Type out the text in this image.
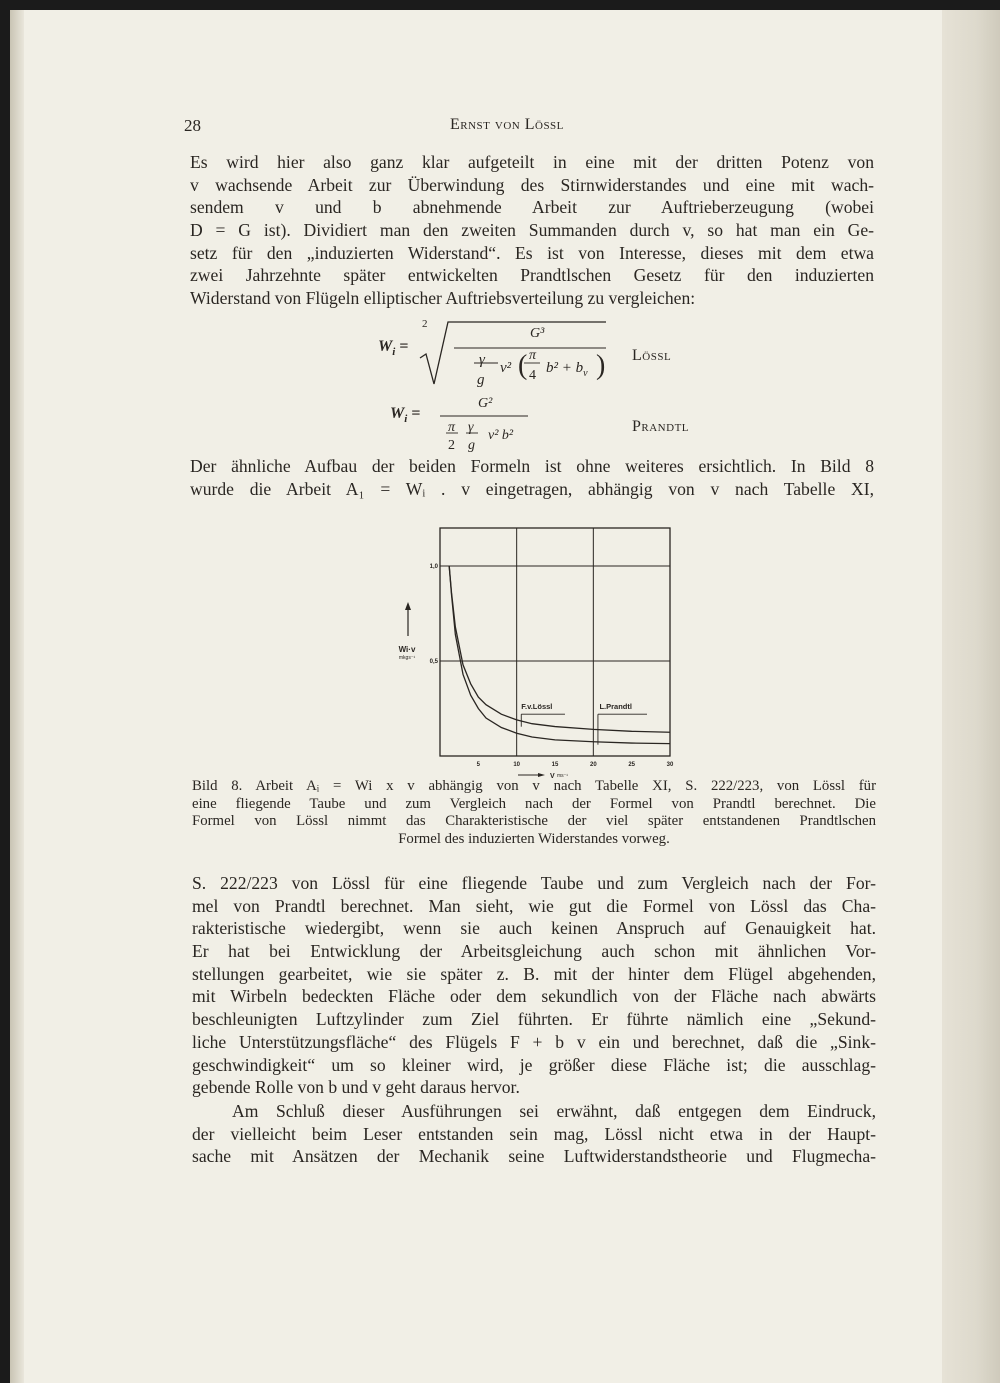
28	Ernst von Lössl
Es wird hier also ganz klar aufgeteilt in eine mit der dritten Potenz von
v wachsende Arbeit zur Überwindung des Stirnwiderstandes und eine mit wach-
sendem v und b abnehmende Arbeit zur Auftrieberzeugung (wobei
D = G ist). Dividiert man den zweiten Summanden durch v, so hat man ein Ge-
setz für den „induzierten Widerstand“. Es ist von Interesse, dieses mit dem etwa
zwei Jahrzehnte später entwickelten Prandtlschen Gesetz für den induzierten
Widerstand von Flügeln elliptischer Auftriebsverteilung zu vergleichen:
$W_i$ =
2
G³
γ
g
v² ( π
4 $b^2 + b_v$ ) Lössl
$W_i$ =
G²
π
2
γ
g
v² b²
Prandtl
Der ähnliche Aufbau der beiden Formeln ist ohne weiteres ersichtlich. In Bild 8
wurde die Arbeit A₁ = Wᵢ . v eingetragen, abhängig von v nach Tabelle XI,
5	10	15	20	25	30
0,5
1,0
Wi·v
mkgs⁻¹
V ms⁻¹
F.v.Lössl	L.Prandtl
Bild 8. Arbeit Aᵢ = Wi x v abhängig von v nach Tabelle XI, S. 222/223, von Lössl für
eine fliegende Taube und zum Vergleich nach der Formel von Prandtl berechnet. Die
Formel von Lössl nimmt das Charakteristische der viel später entstandenen Prandtlschen
Formel des induzierten Widerstandes vorweg.
S. 222/223 von Lössl für eine fliegende Taube und zum Vergleich nach der For-
mel von Prandtl berechnet. Man sieht, wie gut die Formel von Lössl das Cha-
rakteristische wiedergibt, wenn sie auch keinen Anspruch auf Genauigkeit hat.
Er hat bei Entwicklung der Arbeitsgleichung auch schon mit ähnlichen Vor-
stellungen gearbeitet, wie sie später z. B. mit der hinter dem Flügel abgehenden,
mit Wirbeln bedeckten Fläche oder dem sekundlich von der Fläche nach abwärts
beschleunigten Luftzylinder zum Ziel führten. Er führte nämlich eine „Sekund-
liche Unterstützungsfläche“ des Flügels F + b v ein und berechnet, daß die „Sink-
geschwindigkeit“ um so kleiner wird, je größer diese Fläche ist; die ausschlag-
gebende Rolle von b und v geht daraus hervor.
Am Schluß dieser Ausführungen sei erwähnt, daß entgegen dem Eindruck,
der vielleicht beim Leser entstanden sein mag, Lössl nicht etwa in der Haupt-
sache mit Ansätzen der Mechanik seine Luftwiderstandstheorie und Flugmecha-
